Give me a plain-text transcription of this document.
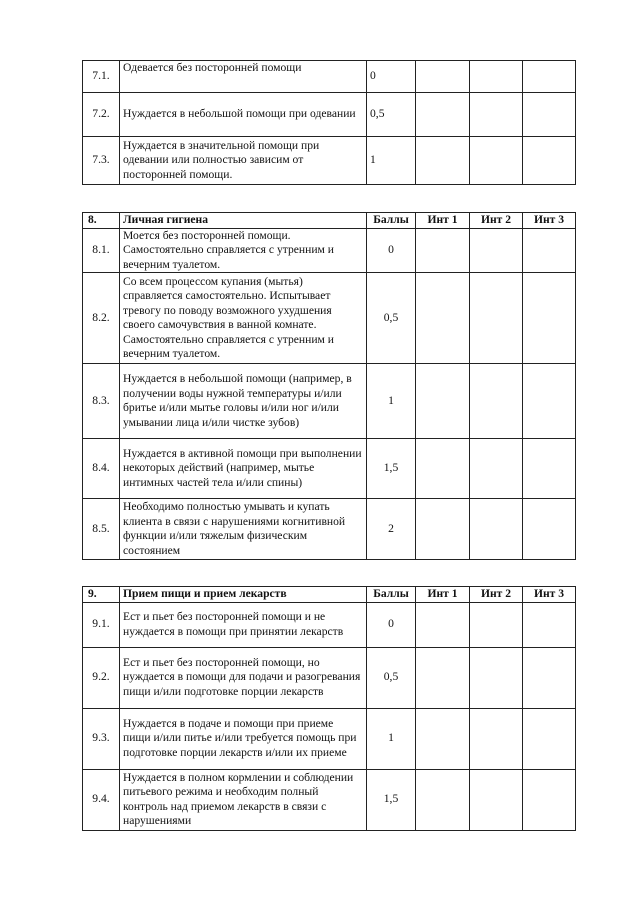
7.1.	Одевается без посторонней помощи	0			
7.2.	Нуждается в небольшой помощи при одевании	0,5			
7.3.	Нуждается в значительной помощи при одевании или полностью зависим от посторонней помощи.	1			
8.	Личная гигиена	Баллы	Инт 1	Инт 2	Инт 3
8.1.	Моется без посторонней помощи. Самостоятельно справляется с утренним и вечерним туалетом.	0			
8.2.	Со всем процессом купания (мытья) справляется самостоятельно. Испытывает тревогу по поводу возможного ухудшения своего самочувствия в ванной комнате. Самостоятельно справляется с утренним и вечерним туалетом.	0,5			
8.3.	Нуждается в небольшой помощи (например, в получении воды нужной температуры и/или бритье и/или мытье головы и/или ног и/или умывании лица и/или чистке зубов)	1			
8.4.	Нуждается в активной помощи при выполнении некоторых действий (например, мытье интимных частей тела и/или спины)	1,5			
8.5.	Необходимо полностью умывать и купать клиента в связи с нарушениями когнитивной функции и/или тяжелым физическим состоянием	2			
9.	Прием пищи и прием лекарств	Баллы	Инт 1	Инт 2	Инт 3
9.1.	Ест и пьет без посторонней помощи и не нуждается в помощи при принятии лекарств	0			
9.2.	Ест и пьет без посторонней помощи, но нуждается в помощи для подачи и разогревания пищи и/или подготовке порции лекарств	0,5			
9.3.	Нуждается в подаче и помощи при приеме пищи и/или питье и/или требуется помощь при подготовке порции лекарств и/или их приеме	1			
9.4.	Нуждается в полном кормлении и соблюдении питьевого режима и необходим полный контроль над приемом лекарств в связи с нарушениями	1,5			
